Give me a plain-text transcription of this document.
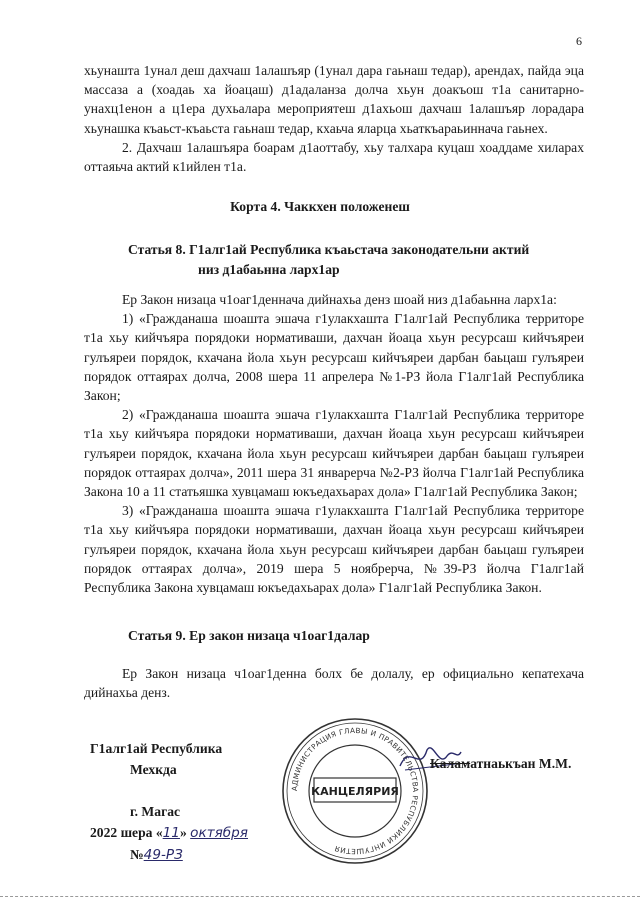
6

хьунашта 1унал деш дахчаш 1алашъяр (1унал дара гаьнаш тедар), арендах, пайда эца массаза а (хоадаь ха йоацаш) д1адаланза долча хьун доакъош т1а санитарно-унахц1енон а ц1ера духьалара мероприятеш д1ахьош дахчаш 1алашъяр лорадара хьунашка къаьст-къаьста гаьнаш тедар, кхаьча яларца хьаткъараьиннача гаьнех.

2. Дахчаш 1алашъяра боарам д1аоттабу, хьу талхара куцаш хоаддаме хиларах оттаяьча актий к1ийлен т1а.

Корта 4. Чаккхен положенеш
Статья 8. Г1алг1ай Республика къаьстача законодательни актий
низ д1абаьнна ларх1ар

Ер Закон низаца ч1оаг1деннача дийнахьа денз шоай низ д1абаьнна ларх1а:

1) «Гражданаша шоашта эшача г1улакхашта Г1алг1ай Республика территоре т1а хьу кийчъяра порядоки нормативаши, дахчан йоаца хьун ресурсаш кийчъяреи гулъяреи порядок, кхачана йола хьун ресурсаш кийчъяреи дарбан баьцаш гулъяреи порядок оттаярах долча, 2008 шера 11 апрелера №1-РЗ йола Г1алг1ай Республика Закон;

2) «Гражданаша шоашта эшача г1улакхашта Г1алг1ай Республика территоре т1а хьу кийчъяра порядоки нормативаши, дахчан йоаца хьун ресурсаш кийчъяреи гулъяреи порядок, кхачана йола хьун ресурсаш кийчъяреи дарбан баьцаш гулъяреи порядок оттаярах долча», 2011 шера 31 январерча №2-РЗ йолча Г1алг1ай Республика Закона 10 а 11 статьяшка хувцамаш юкъедахьарах дола» Г1алг1ай Республика Закон;

3) «Гражданаша шоашта эшача г1улакхашта Г1алг1ай Республика территоре т1а хьу кийчъяра порядоки нормативаши, дахчан йоаца хьун ресурсаш кийчъяреи гулъяреи порядок, кхачана йола хьун ресурсаш кийчъяреи дарбан баьцаш гулъяреи порядок оттаярах долча», 2019 шера 5 ноябрерча, №39-РЗ йолча Г1алг1ай Республика Закона хувцамаш юкъедахьарах дола» Г1алг1ай Республика Закон.

Статья 9. Ер закон низаца ч1оаг1далар

Ер Закон низаца ч1оаг1денна болх бе долалу, ер официально кепатехача дийнахьа денз.

Г1алг1ай Республика
Мехкда
г. Магас
2022 шера «11» октября
№49-РЗ
АДМИНИСТРАЦИЯ ГЛАВЫ И ПРАВИТЕЛЬСТВА РЕСПУБЛИКИ ИНГУШЕТИЯ
КАНЦЕЛЯРИЯ
Каламатнаькъан М.М.
